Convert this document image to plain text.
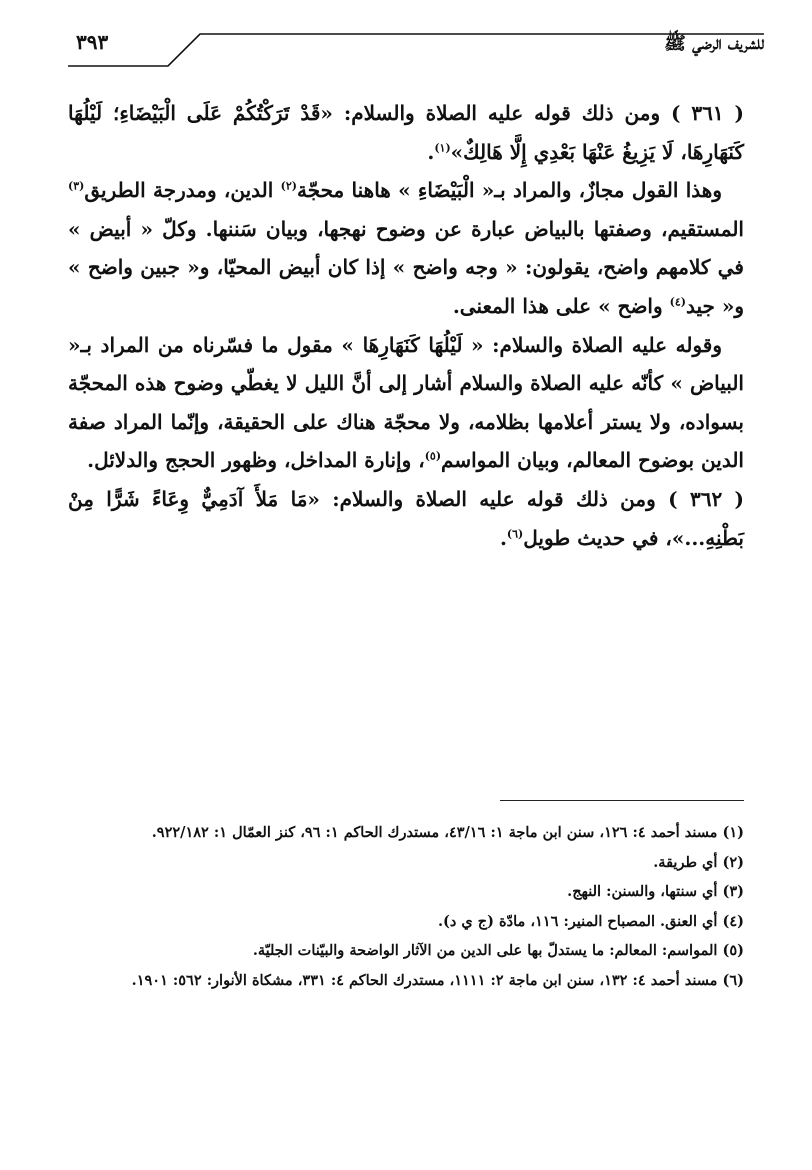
للشريف الرضي ﷺ
٣٩٣

( ٣٦١ ) ومن ذلك قوله عليه الصلاة والسلام: «قَدْ تَرَكْتُكُمْ عَلَى الْبَيْضَاءِ؛ لَيْلُهَا كَنَهَارِهَا، لَا يَزِيغُ عَنْهَا بَعْدِي إِلَّا هَالِكٌ»$^{(١)}$.

وهذا القول مجازٌ، والمراد بـ« الْبَيْضَاءِ » هاهنا محجّة$^{(٢)}$ الدين، ومدرجة الطريق$^{(٣)}$ المستقيم، وصفتها بالبياض عبارة عن وضوح نهجها، وبيان سَننها. وكلّ « أبيض » في كلامهم واضح، يقولون: « وجه واضح » إذا كان أبيض المحيّا، و« جبين واضح » و« جيد$^{(٤)}$ واضح » على هذا المعنى.

وقوله عليه الصلاة والسلام: « لَيْلُهَا كَنَهَارِهَا » مقول ما فسّرناه من المراد بـ« البياض » كأنّه عليه الصلاة والسلام أشار إلى أنَّ الليل لا يغطّي وضوح هذه المحجّة بسواده، ولا يستر أعلامها بظلامه، ولا محجّة هناك على الحقيقة، وإنّما المراد صفة الدين بوضوح المعالم، وبيان المواسم$^{(٥)}$، وإنارة المداخل، وظهور الحجج والدلائل.

( ٣٦٢ ) ومن ذلك قوله عليه الصلاة والسلام: «مَا مَلأَ آدَمِيٌّ وِعَاءً شَرًّا مِنْ بَطْنِهِ...»، في حديث طويل$^{(٦)}$.

(١) مسند أحمد ٤: ١٢٦، سنن ابن ماجة ١: ٤٣/١٦، مستدرك الحاكم ١: ٩٦، كنز العمّال ١: ٩٢٢/١٨٢.

(٢) أي طريقة.

(٣) أي سنتها، والسنن: النهج.

(٤) أي العنق. المصباح المنير: ١١٦، مادّة (ج ي د).

(٥) المواسم: المعالم: ما يستدلّ بها على الدين من الآثار الواضحة والبيّنات الجليّة.

(٦) مسند أحمد ٤: ١٣٢، سنن ابن ماجة ٢: ١١١١، مستدرك الحاكم ٤: ٣٣١، مشكاة الأنوار: ٥٦٢: ١٩٠١.
